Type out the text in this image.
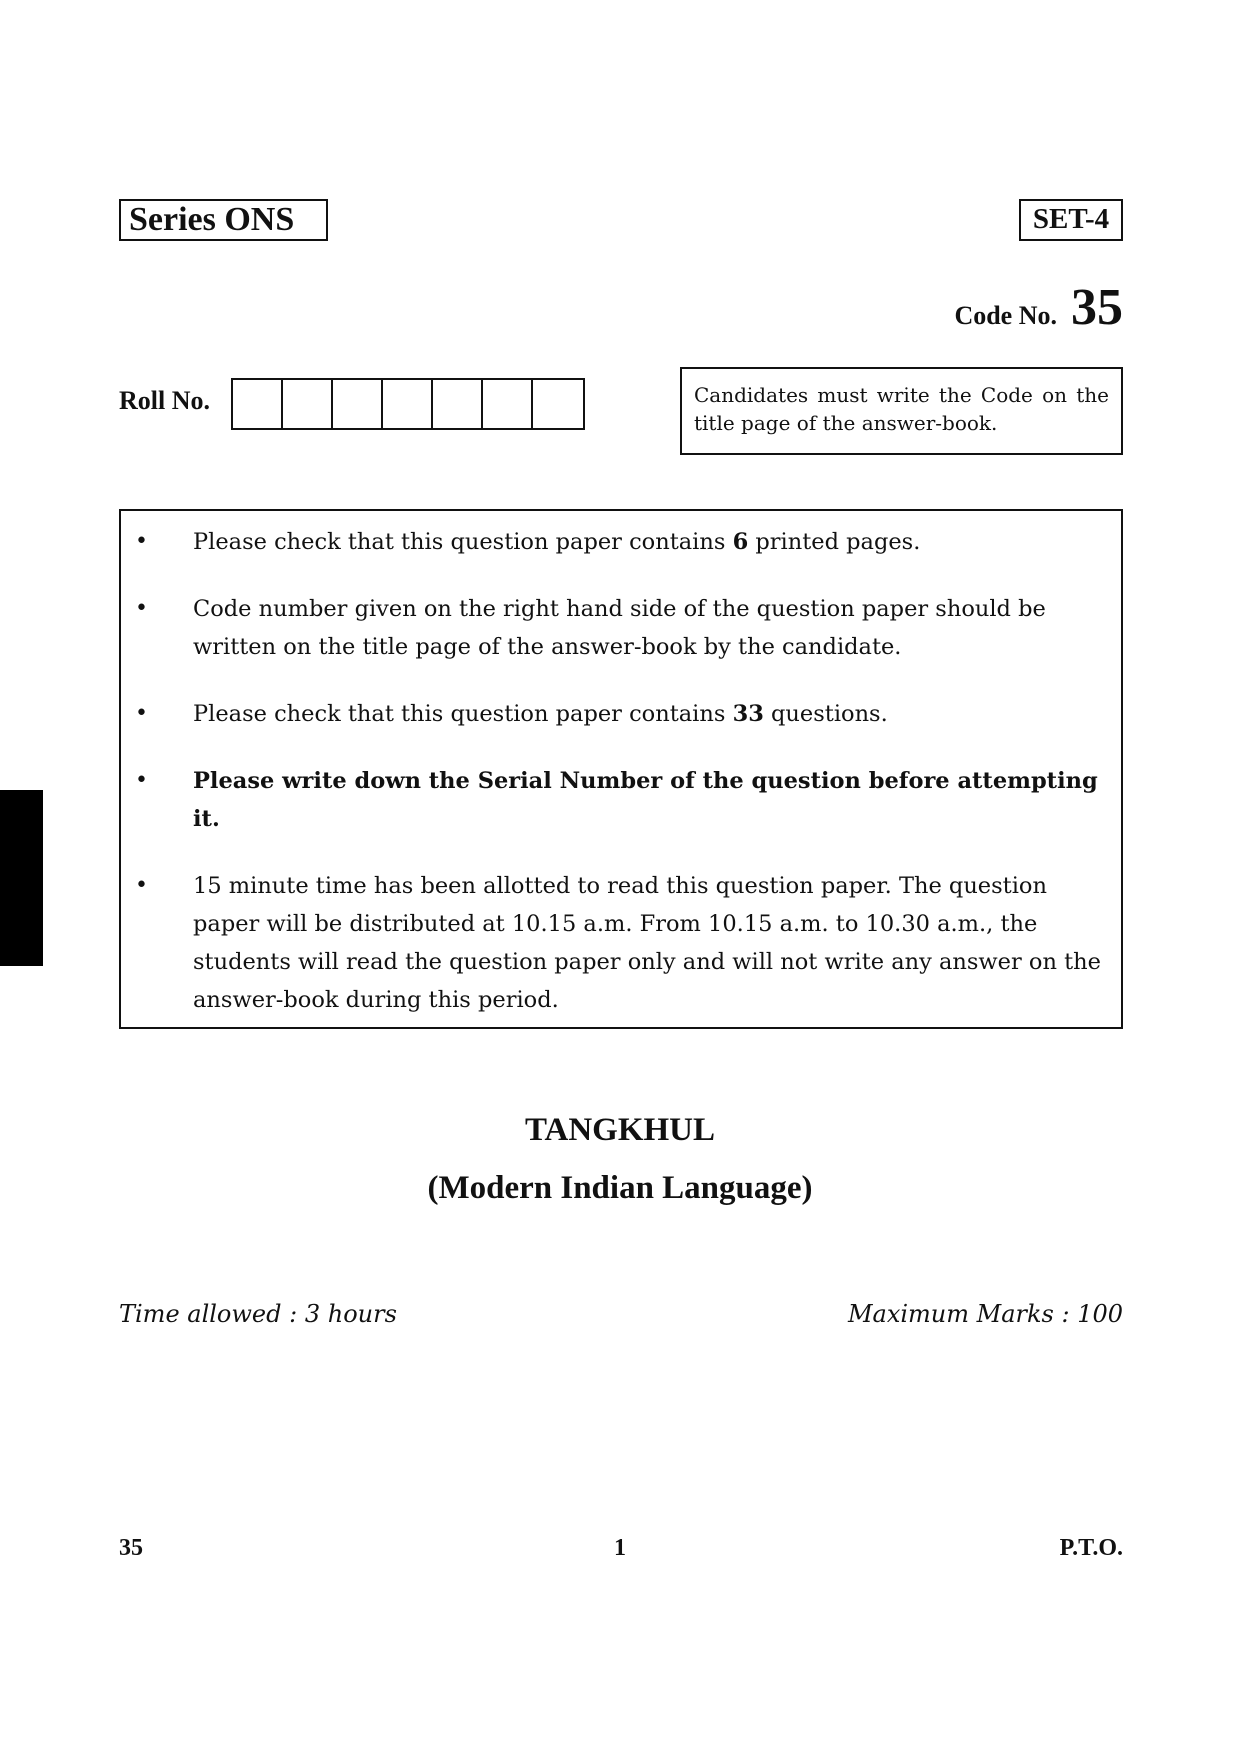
Series ONS	SET-4
Code No. 35
Roll No.	Candidates must write the Code on the title page of the answer-book.
• Please check that this question paper contains 6 printed pages.
• Code number given on the right hand side of the question paper should be written on the title page of the answer-book by the candidate.
• Please check that this question paper contains 33 questions.
• Please write down the Serial Number of the question before attempting it.
• 15 minute time has been allotted to read this question paper. The question paper will be distributed at 10.15 a.m. From 10.15 a.m. to 10.30 a.m., the students will read the question paper only and will not write any answer on the answer-book during this period.
TANGKHUL
(Modern Indian Language)
Time allowed : 3 hours	Maximum Marks : 100
35	1	P.T.O.
